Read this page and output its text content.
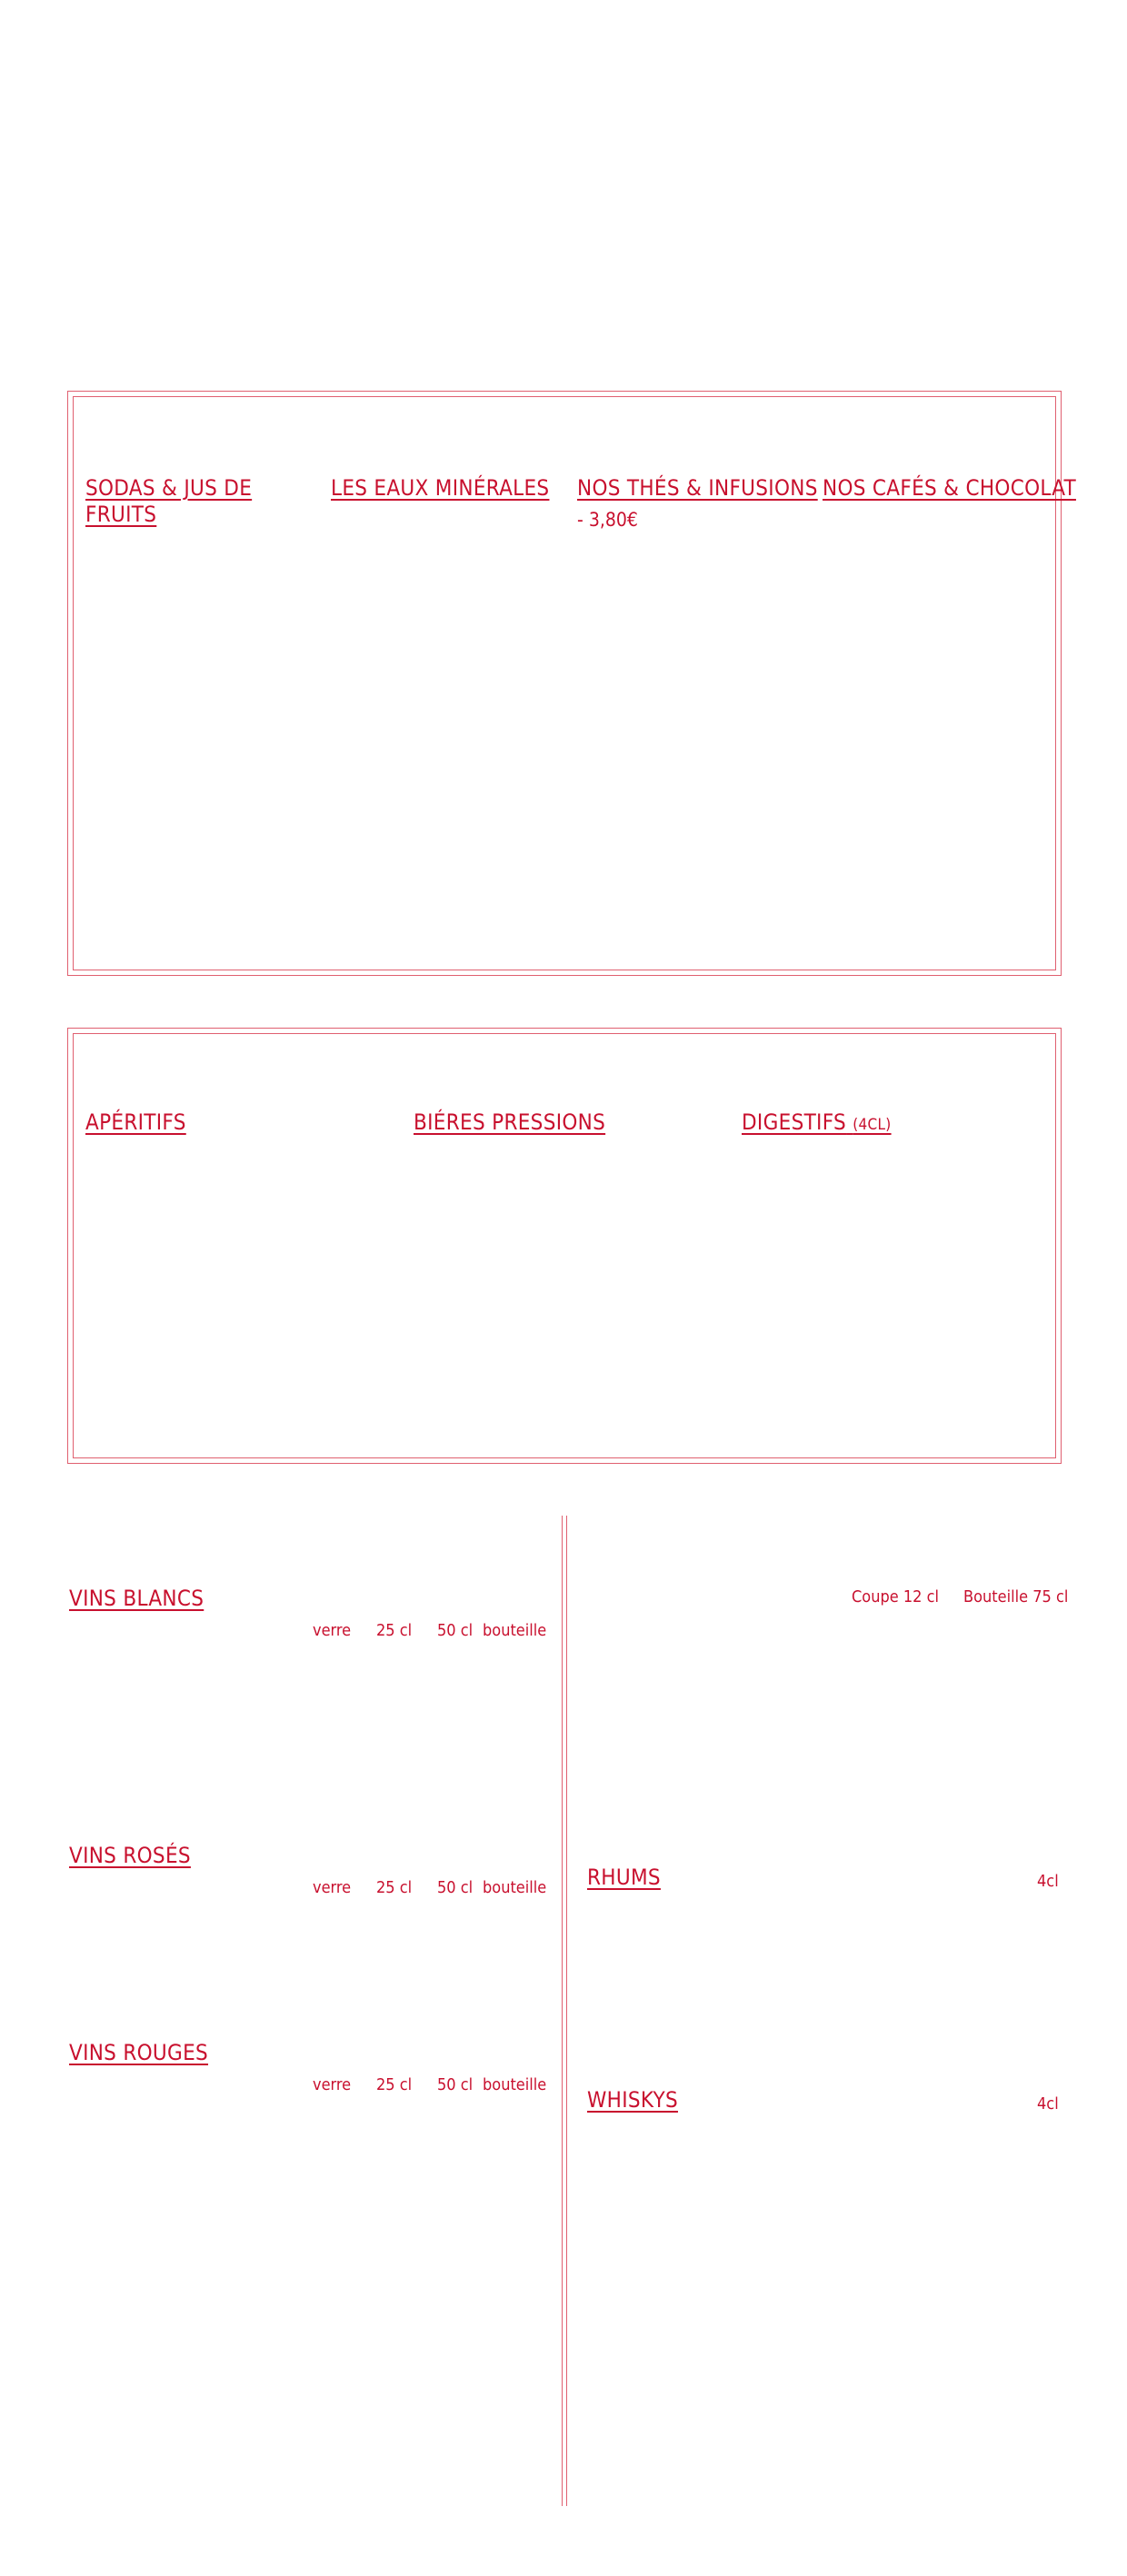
SODAS & JUS DE FRUITS
LES EAUX MINÉRALES	NOS THÉS & INFUSIONS
- 3,80€
NOS CAFÉS & CHOCOLAT
APÉRITIFS	BIÉRES PRESSIONS	DIGESTIFS (4CL)
VINS BLANCS
verre 25 cl 50 cl bouteille
VINS ROSÉS
verre 25 cl 50 cl bouteille
VINS ROUGES
verre 25 cl 50 cl bouteille
Coupe 12 cl Bouteille 75 cl
RHUMS	4cl
WHISKYS	4cl
